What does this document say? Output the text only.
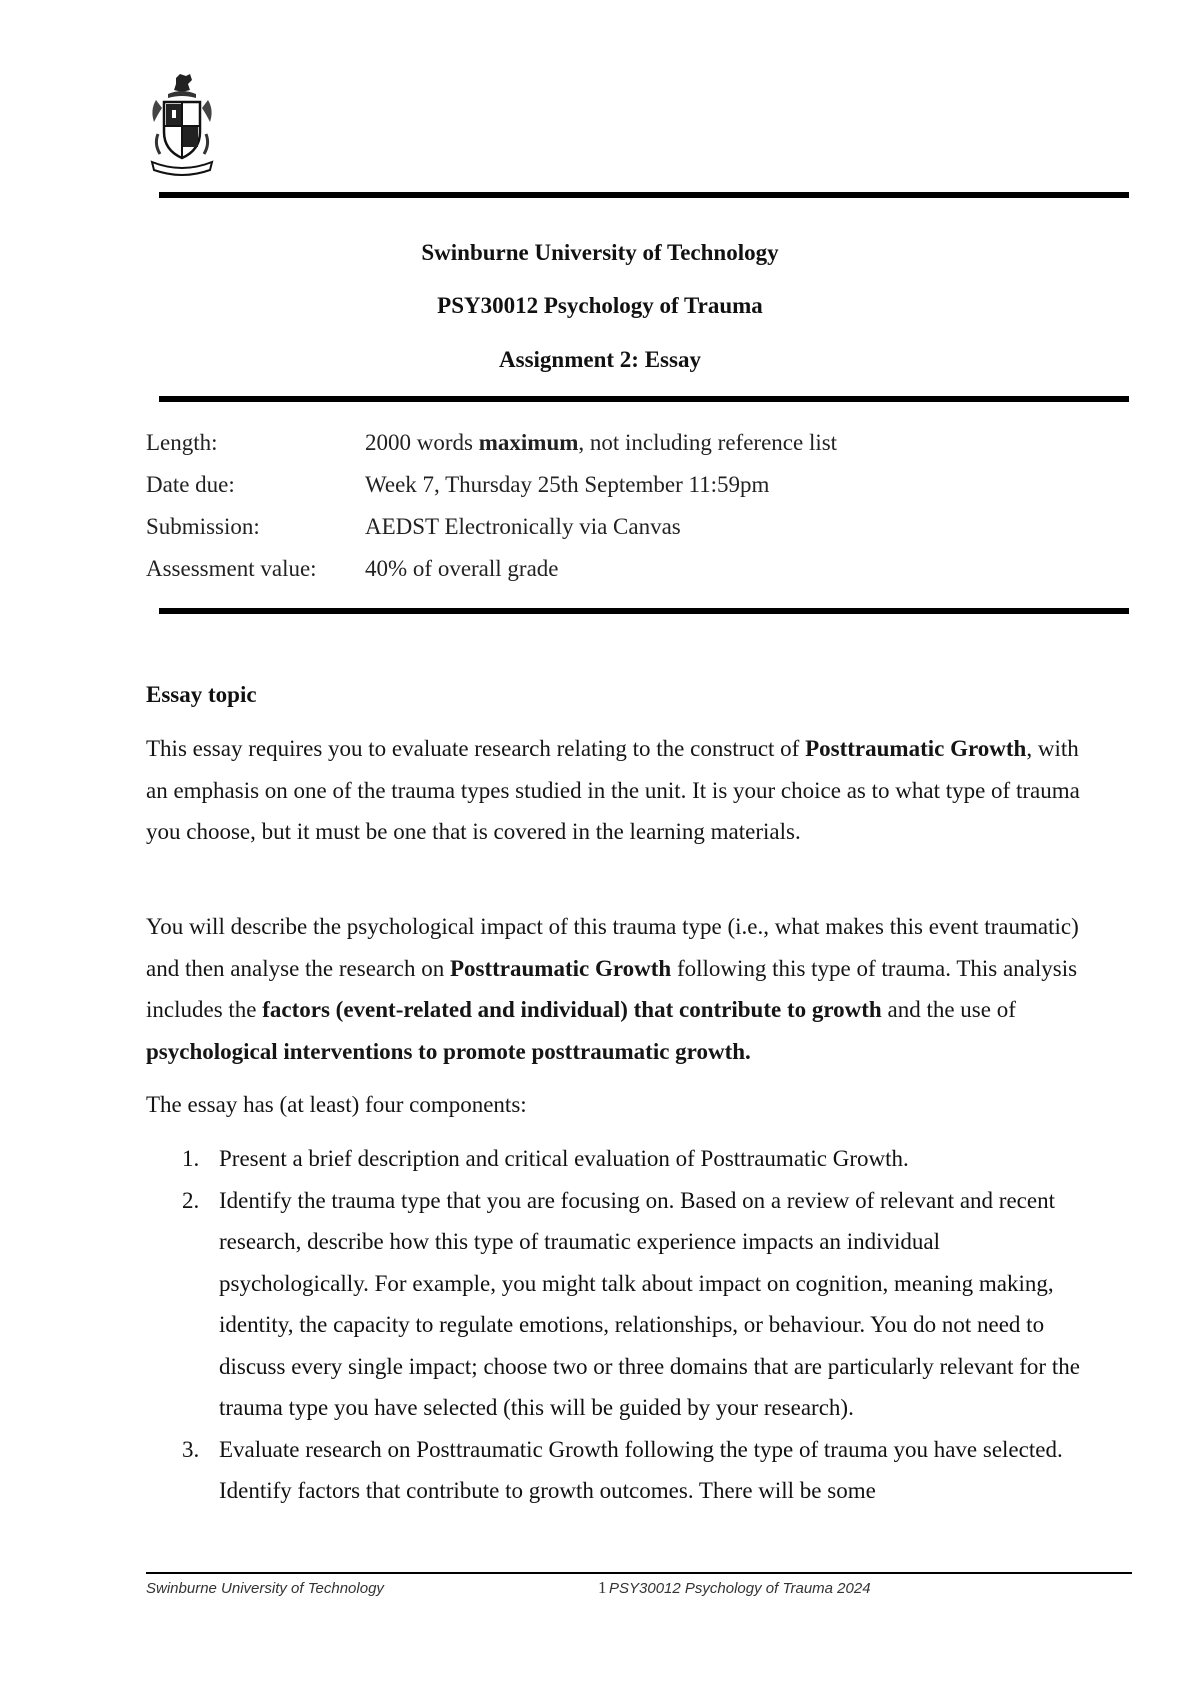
Swinburne University of Technology
PSY30012 Psychology of Trauma
Assignment 2: Essay
Length:	2000 words maximum, not including reference list
Date due:	Week 7, Thursday 25th September 11:59pm
Submission:	AEDST Electronically via Canvas
Assessment value: 40% of overall grade
Essay topic
This essay requires you to evaluate research relating to the construct of Posttraumatic Growth, with an emphasis on one of the trauma types studied in the unit. It is your choice as to what type of trauma you choose, but it must be one that is covered in the learning materials.
You will describe the psychological impact of this trauma type (i.e., what makes this event traumatic) and then analyse the research on Posttraumatic Growth following this type of trauma. This analysis includes the factors (event-related and individual) that contribute to growth and the use of psychological interventions to promote posttraumatic growth.
The essay has (at least) four components:
1. Present a brief description and critical evaluation of Posttraumatic Growth.
2. Identify the trauma type that you are focusing on. Based on a review of relevant and recent research, describe how this type of traumatic experience impacts an individual psychologically. For example, you might talk about impact on cognition, meaning making, identity, the capacity to regulate emotions, relationships, or behaviour. You do not need to discuss every single impact; choose two or three domains that are particularly relevant for the trauma type you have selected (this will be guided by your research).
3. Evaluate research on Posttraumatic Growth following the type of trauma you have selected. Identify factors that contribute to growth outcomes. There will be some
Swinburne University of Technology	1 PSY30012 Psychology of Trauma 2024
